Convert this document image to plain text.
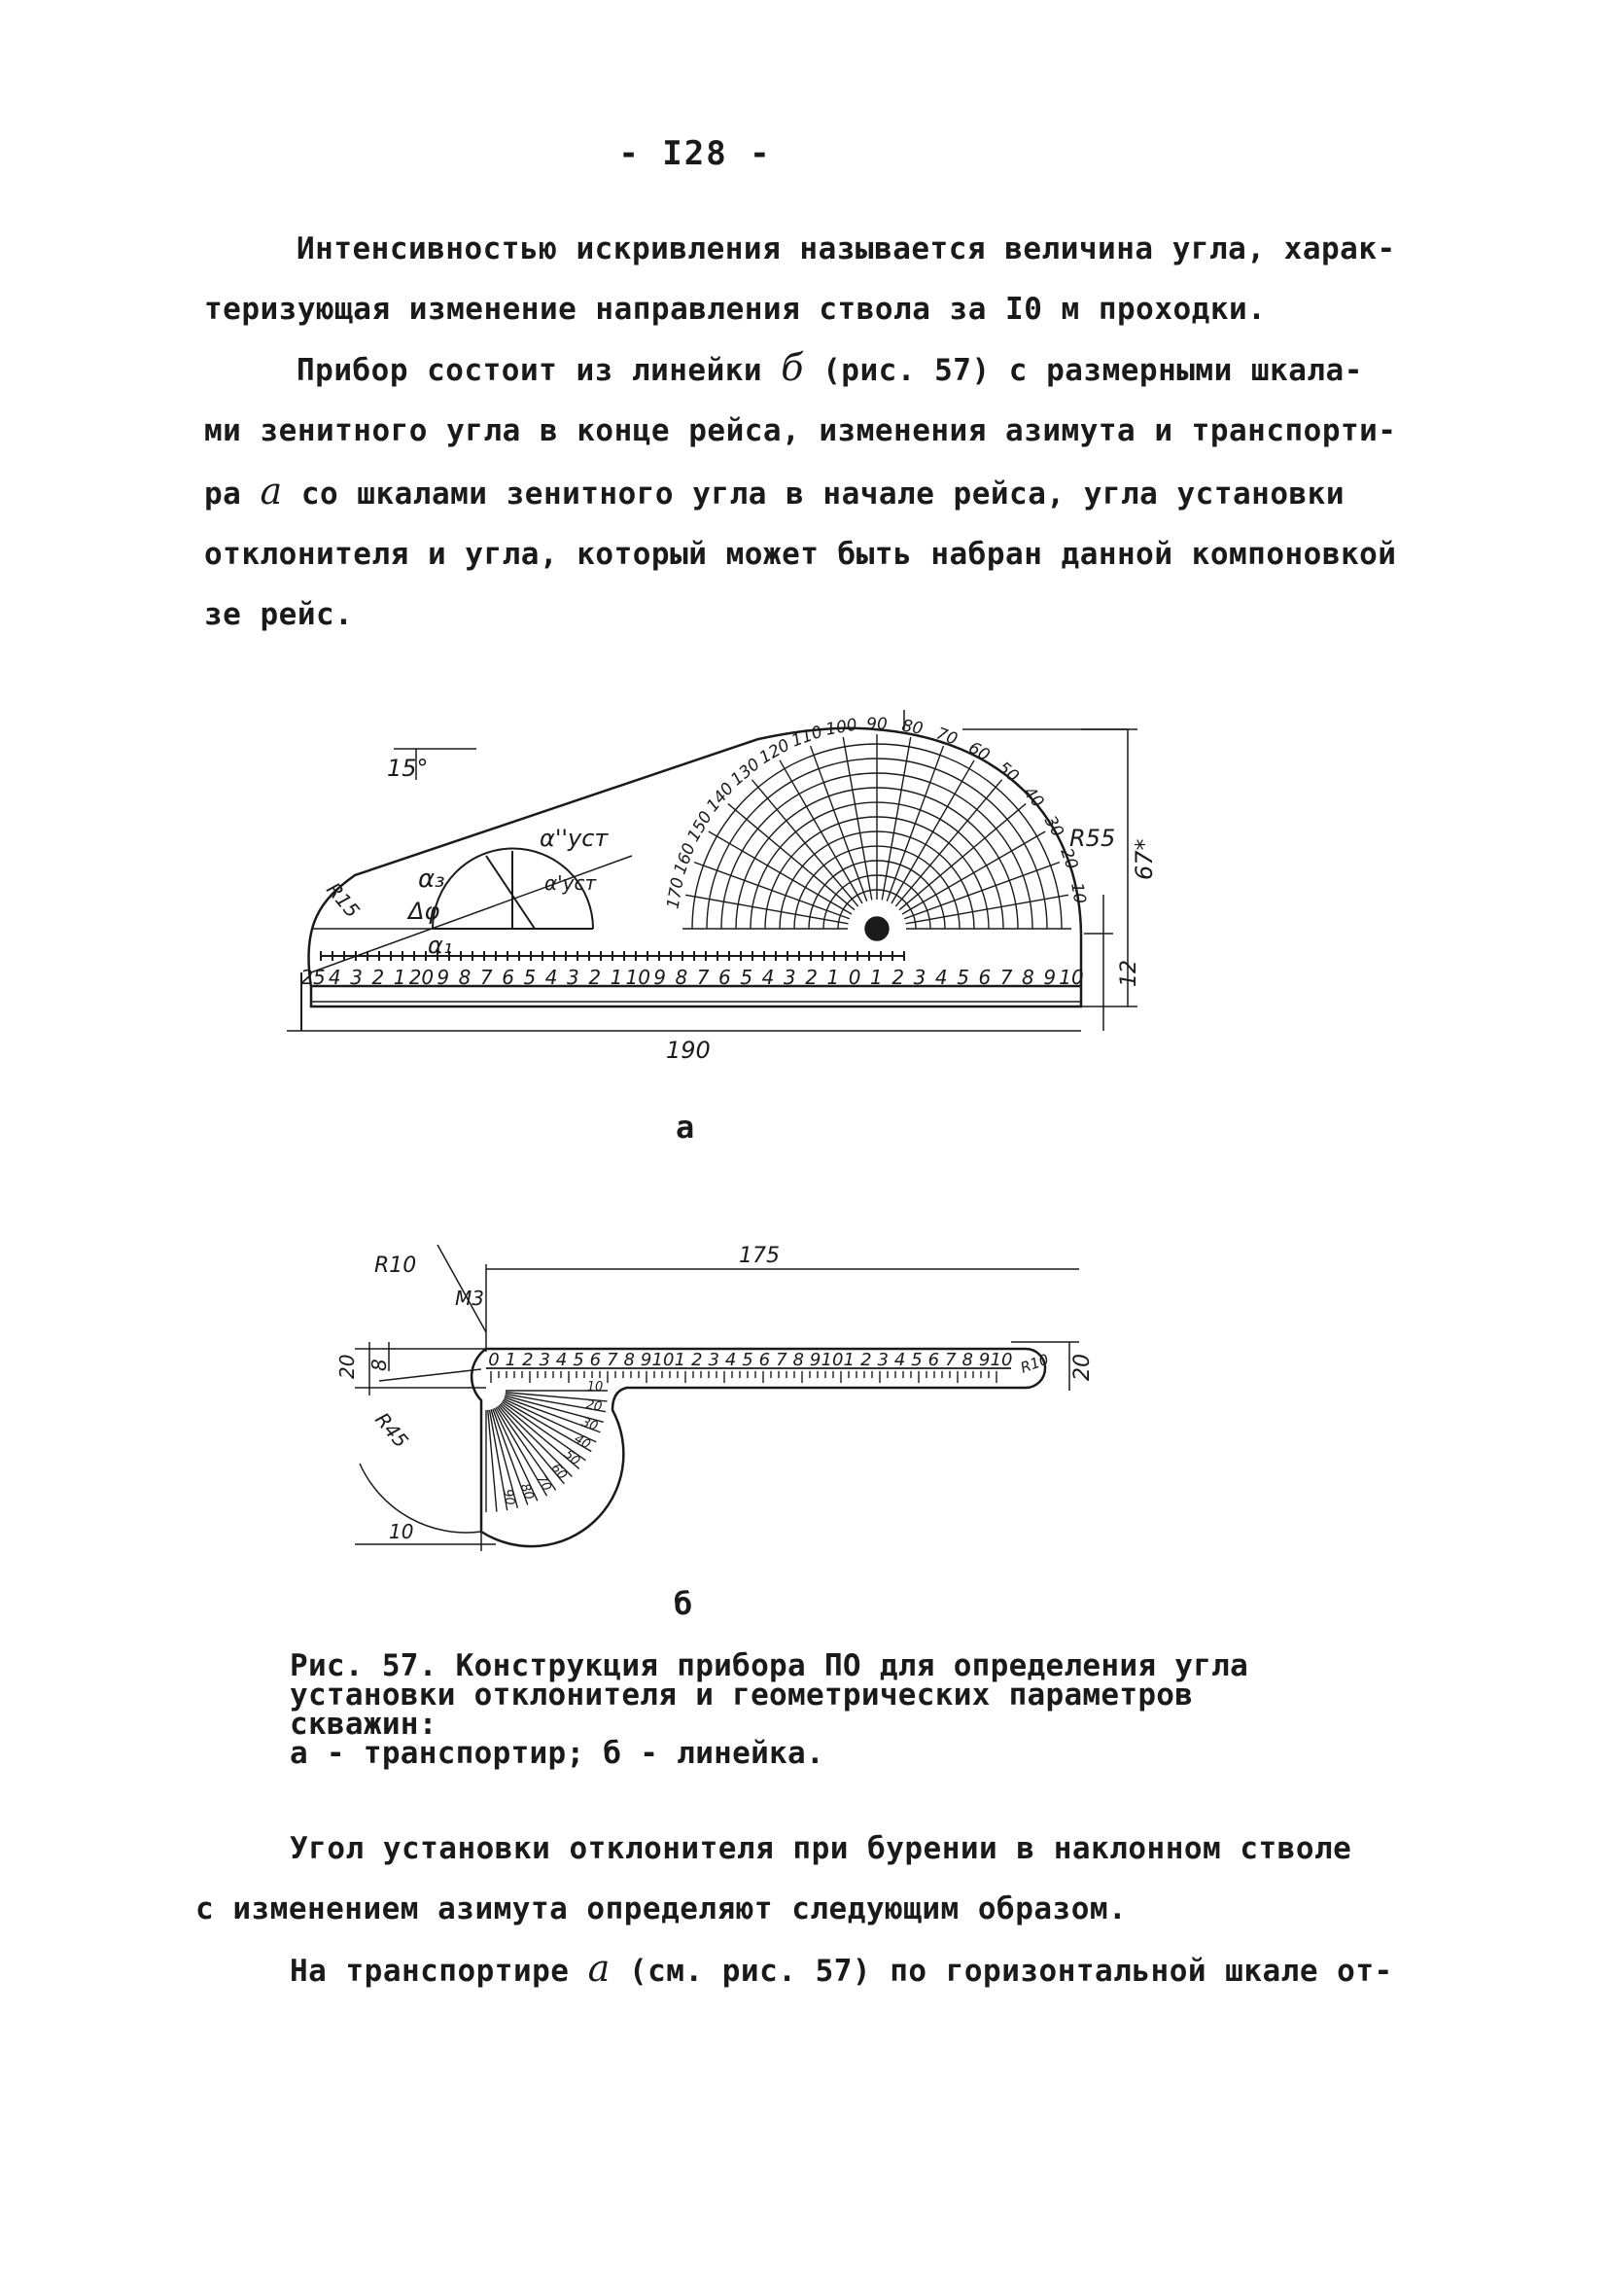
- I28 -
Интенсивностью искривления называется величина угла, харак-
теризующая изменение направления ствола за I0 м проходки.
Прибор состоит из линейки б (рис. 57) с размерными шкала-
ми зенитного угла в конце рейса, изменения азимута и транспорти-
ра а со шкалами зенитного угла в начале рейса, угла установки
отклонителя и угла, который может быть набран данной компоновкой
зе рейс.
15°
R55
67*
R15
190
12
α''уст
α'уст
α₃
Δφ
α₁
25 4 3 2 1 20 9 8 7 6 5 4 3 2 1 10 9 8 7 6 5 4 3 2 1 0 1 2 3 4 5 6 7 8 9 10
170
160
150
140
130
120
110
100 90 80 70
60
50
40
30
20
10
а
175
R10
M3
8
20
R45
R10 20
10
0 1 2 3 4 5 6 7 8 9 10 1 2 3 4 5 6 7 8 9 10 1 2 3 4 5 6 7 8 9 10
10
20
30
40
50
60
70
80
90
б
Рис. 57. Конструкция прибора ПО для определения угла
установки отклонителя и геометрических параметров
скважин:
а - транспортир; б - линейка.
Угол установки отклонителя при бурении в наклонном стволе
с изменением азимута определяют следующим образом.
На транспортире а (см. рис. 57) по горизонтальной шкале от-
